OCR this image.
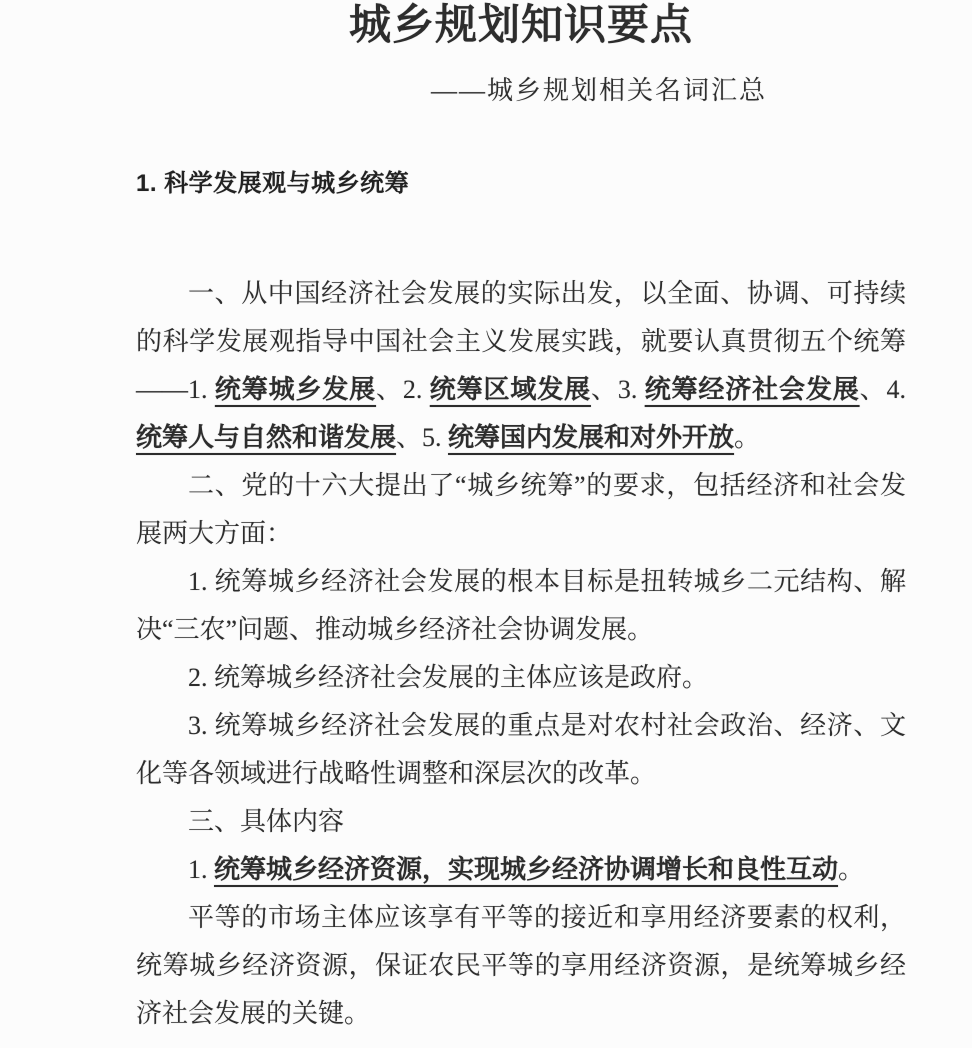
城乡规划知识要点
——城乡规划相关名词汇总
1. 科学发展观与城乡统筹

一、从中国经济社会发展的实际出发，以全面、协调、可持续的科学发展观指导中国社会主义发展实践，就要认真贯彻五个统筹——1. 统筹城乡发展、2. 统筹区域发展、3. 统筹经济社会发展、4. 统筹人与自然和谐发展、5. 统筹国内发展和对外开放。

二、党的十六大提出了“城乡统筹”的要求，包括经济和社会发展两大方面：

1. 统筹城乡经济社会发展的根本目标是扭转城乡二元结构、解决“三农”问题、推动城乡经济社会协调发展。

2. 统筹城乡经济社会发展的主体应该是政府。

3. 统筹城乡经济社会发展的重点是对农村社会政治、经济、文化等各领域进行战略性调整和深层次的改革。

三、具体内容

1. 统筹城乡经济资源，实现城乡经济协调增长和良性互动。

平等的市场主体应该享有平等的接近和享用经济要素的权利，统筹城乡经济资源，保证农民平等的享用经济资源，是统筹城乡经济社会发展的关键。
